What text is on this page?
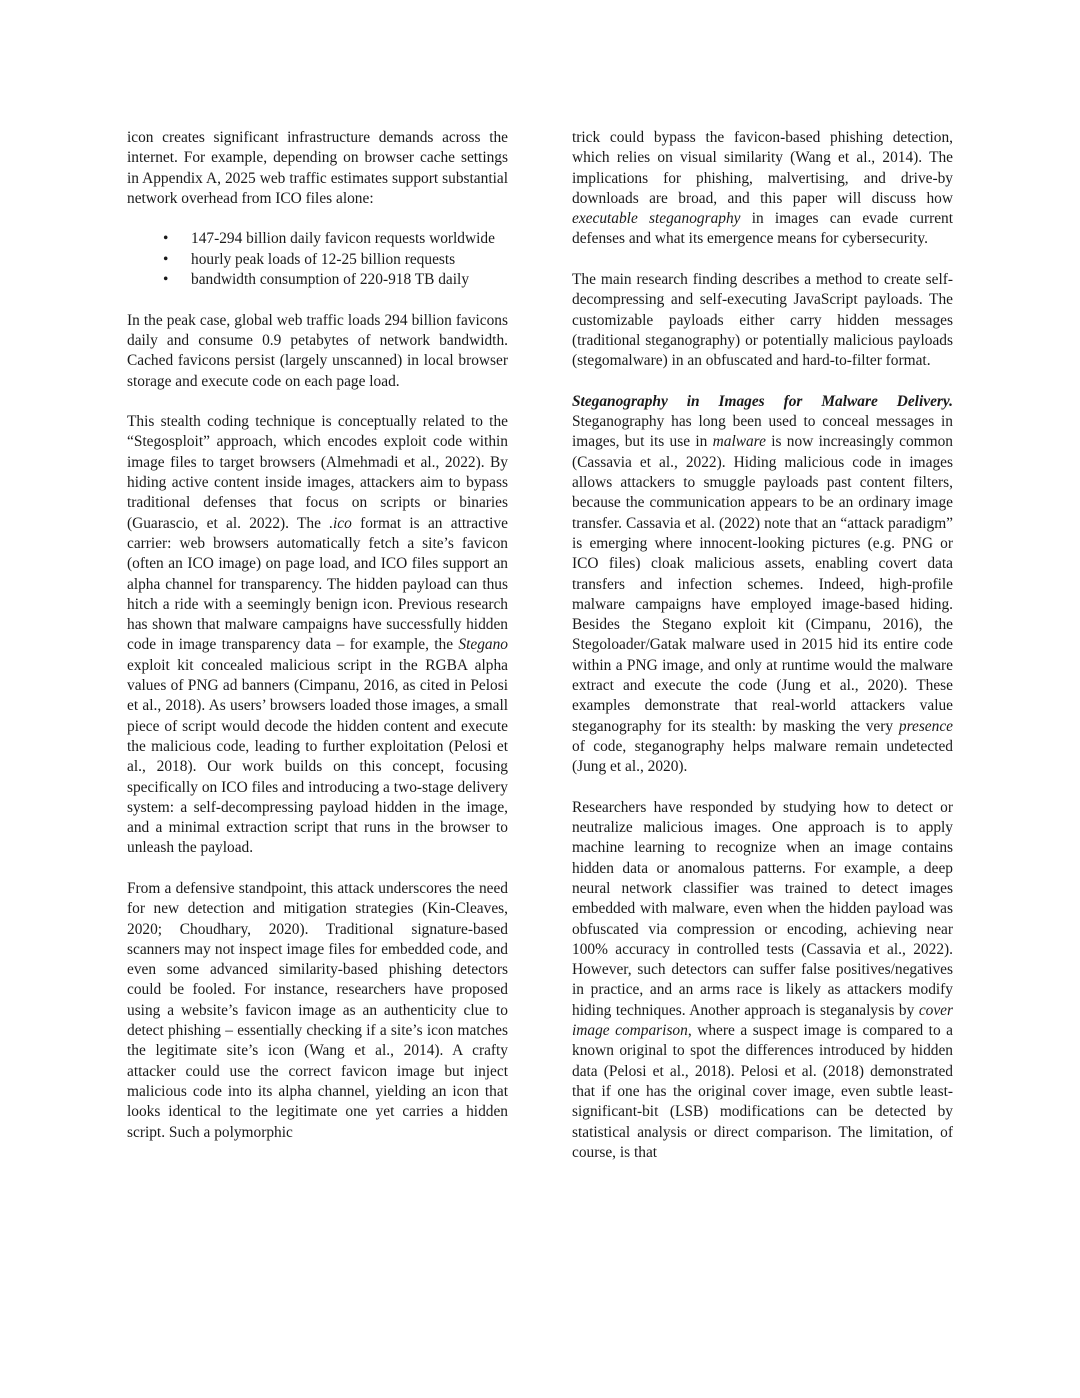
icon creates significant infrastructure demands across the internet. For example, depending on browser cache settings in Appendix A, 2025 web traffic estimates support substantial network overhead from ICO files alone:

• 147-294 billion daily favicon requests worldwide
• hourly peak loads of 12-25 billion requests
• bandwidth consumption of 220-918 TB daily

In the peak case, global web traffic loads 294 billion favicons daily and consume 0.9 petabytes of network bandwidth. Cached favicons persist (largely unscanned) in local browser storage and execute code on each page load.

This stealth coding technique is conceptually related to the “Stegosploit” approach, which encodes exploit code within image files to target browsers (Almehmadi et al., 2022). By hiding active content inside images, attackers aim to bypass traditional defenses that focus on scripts or binaries (Guarascio, et al. 2022). The .ico format is an attractive carrier: web browsers automatically fetch a site’s favicon (often an ICO image) on page load, and ICO files support an alpha channel for transparency. The hidden payload can thus hitch a ride with a seemingly benign icon. Previous research has shown that malware campaigns have successfully hidden code in image transparency data – for example, the Stegano exploit kit concealed malicious script in the RGBA alpha values of PNG ad banners (Cimpanu, 2016, as cited in Pelosi et al., 2018). As users’ browsers loaded those images, a small piece of script would decode the hidden content and execute the malicious code, leading to further exploitation (Pelosi et al., 2018). Our work builds on this concept, focusing specifically on ICO files and introducing a two-stage delivery system: a self-decompressing payload hidden in the image, and a minimal extraction script that runs in the browser to unleash the payload.

From a defensive standpoint, this attack underscores the need for new detection and mitigation strategies (Kin-Cleaves, 2020; Choudhary, 2020). Traditional signature-based scanners may not inspect image files for embedded code, and even some advanced similarity-based phishing detectors could be fooled. For instance, researchers have proposed using a website’s favicon image as an authenticity clue to detect phishing – essentially checking if a site’s icon matches the legitimate site’s icon (Wang et al., 2014). A crafty attacker could use the correct favicon image but inject malicious code into its alpha channel, yielding an icon that looks identical to the legitimate one yet carries a hidden script. Such a polymorphic

trick could bypass the favicon-based phishing detection, which relies on visual similarity (Wang et al., 2014). The implications for phishing, malvertising, and drive-by downloads are broad, and this paper will discuss how executable steganography in images can evade current defenses and what its emergence means for cybersecurity.

The main research finding describes a method to create self-decompressing and self-executing JavaScript payloads. The customizable payloads either carry hidden messages (traditional steganography) or potentially malicious payloads (stegomalware) in an obfuscated and hard-to-filter format.

Steganography in Images for Malware Delivery. Steganography has long been used to conceal messages in images, but its use in malware is now increasingly common (Cassavia et al., 2022). Hiding malicious code in images allows attackers to smuggle payloads past content filters, because the communication appears to be an ordinary image transfer. Cassavia et al. (2022) note that an “attack paradigm” is emerging where innocent-looking pictures (e.g. PNG or ICO files) cloak malicious assets, enabling covert data transfers and infection schemes. Indeed, high-profile malware campaigns have employed image-based hiding. Besides the Stegano exploit kit (Cimpanu, 2016), the Stegoloader/Gatak malware used in 2015 hid its entire code within a PNG image, and only at runtime would the malware extract and execute the code (Jung et al., 2020). These examples demonstrate that real-world attackers value steganography for its stealth: by masking the very presence of code, steganography helps malware remain undetected (Jung et al., 2020).

Researchers have responded by studying how to detect or neutralize malicious images. One approach is to apply machine learning to recognize when an image contains hidden data or anomalous patterns. For example, a deep neural network classifier was trained to detect images embedded with malware, even when the hidden payload was obfuscated via compression or encoding, achieving near 100% accuracy in controlled tests (Cassavia et al., 2022). However, such detectors can suffer false positives/negatives in practice, and an arms race is likely as attackers modify hiding techniques. Another approach is steganalysis by cover image comparison, where a suspect image is compared to a known original to spot the differences introduced by hidden data (Pelosi et al., 2018). Pelosi et al. (2018) demonstrated that if one has the original cover image, even subtle least-significant-bit (LSB) modifications can be detected by statistical analysis or direct comparison. The limitation, of course, is that
